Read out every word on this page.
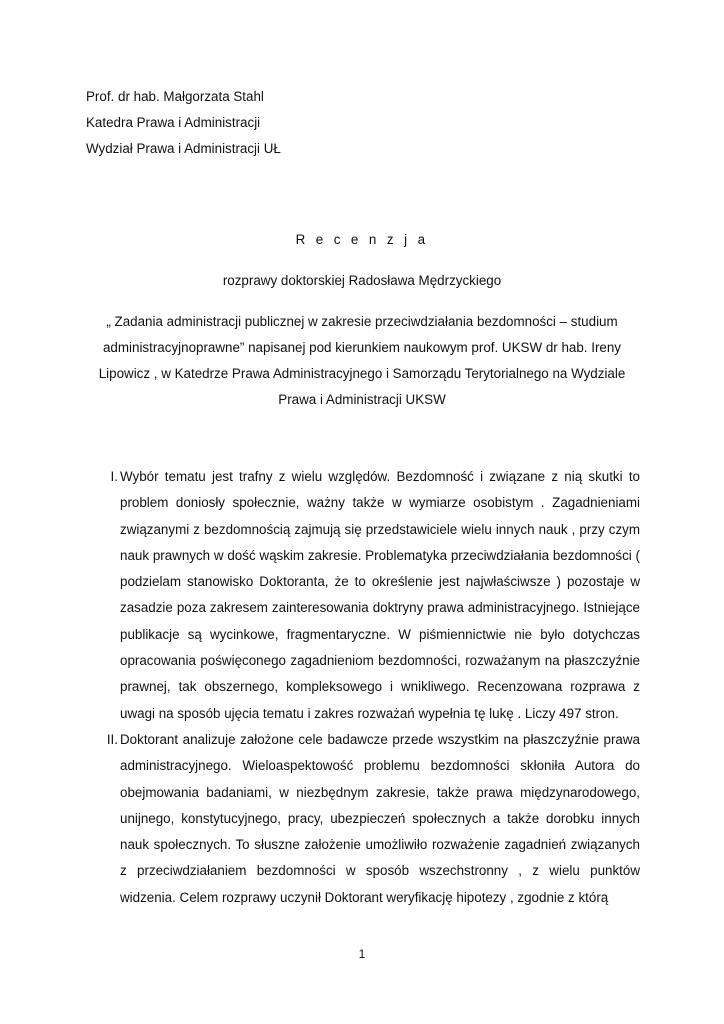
Prof. dr hab. Małgorzata Stahl
Katedra Prawa i Administracji
Wydział Prawa i Administracji UŁ
R e c e n z j a
rozprawy doktorskiej Radosława Mędrzyckiego
„ Zadania administracji publicznej w zakresie przeciwdziałania bezdomności – studium administracyjnoprawne” napisanej pod kierunkiem naukowym prof. UKSW dr hab. Ireny Lipowicz , w Katedrze Prawa Administracyjnego i Samorządu Terytorialnego na Wydziale Prawa i Administracji UKSW
I. Wybór tematu jest trafny z wielu względów. Bezdomność i związane z nią skutki to problem doniosły społecznie, ważny także w wymiarze osobistym . Zagadnieniami związanymi z bezdomnością zajmują się przedstawiciele wielu innych nauk , przy czym nauk prawnych w dość wąskim zakresie. Problematyka przeciwdziałania bezdomności ( podzielam stanowisko Doktoranta, że to określenie jest najwłaściwsze ) pozostaje w zasadzie poza zakresem zainteresowania doktryny prawa administracyjnego. Istniejące publikacje są wycinkowe, fragmentaryczne. W piśmiennictwie nie było dotychczas opracowania poświęconego zagadnieniom bezdomności, rozważanym na płaszczyźnie prawnej, tak obszernego, kompleksowego i wnikliwego. Recenzowana rozprawa z uwagi na sposób ujęcia tematu i zakres rozważań wypełnia tę lukę . Liczy 497 stron.
II. Doktorant analizuje założone cele badawcze przede wszystkim na płaszczyźnie prawa administracyjnego. Wieloaspektowość problemu bezdomności skłoniła Autora do obejmowania badaniami, w niezbędnym zakresie, także prawa międzynarodowego, unijnego, konstytucyjnego, pracy, ubezpieczeń społecznych a także dorobku innych nauk społecznych. To słuszne założenie umożliwiło rozważenie zagadnień związanych z przeciwdziałaniem bezdomności w sposób wszechstronny , z wielu punktów widzenia. Celem rozprawy uczynił Doktorant weryfikację hipotezy , zgodnie z którą
1
